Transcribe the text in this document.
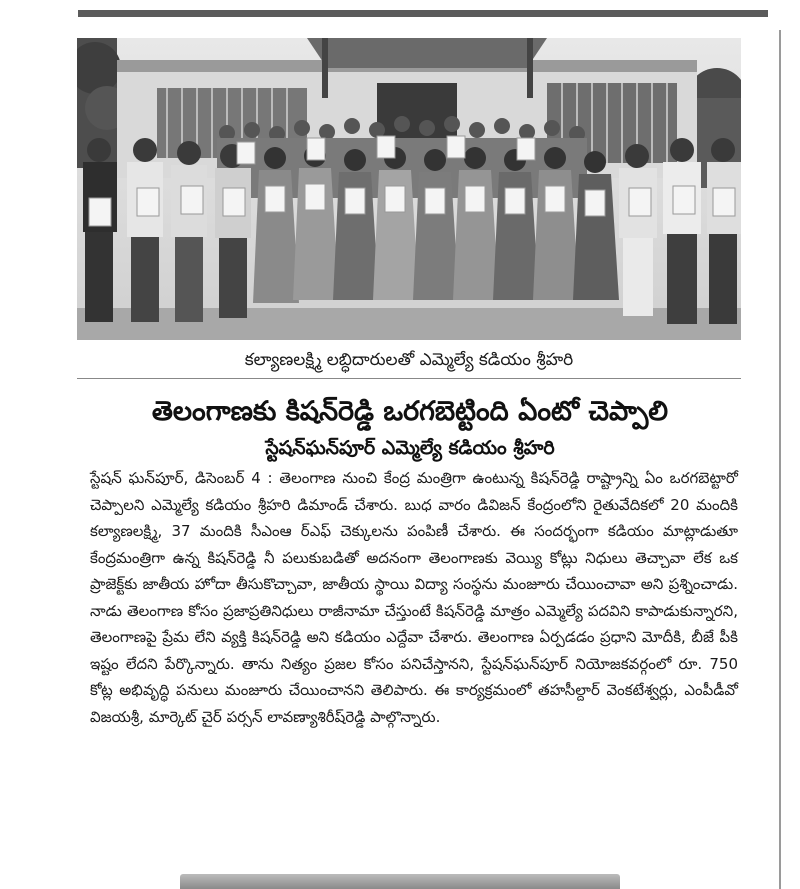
కల్యాణలక్ష్మి లబ్ధిదారులతో ఎమ్మెల్యే కడియం శ్రీహరి
తెలంగాణకు కిషన్‌రెడ్డి ఒరగబెట్టింది ఏంటో చెప్పాలి
స్టేషన్‌ఘన్‌పూర్ ఎమ్మెల్యే కడియం శ్రీహరి
స్టేషన్ ఘన్‌పూర్, డిసెంబర్ 4 : తెలంగాణ నుంచి కేంద్ర మంత్రిగా ఉంటున్న కిషన్‌రెడ్డి రాష్ట్రాన్ని ఏం ఒరగబెట్టారో చెప్పాలని ఎమ్మెల్యే కడియం శ్రీహరి డిమాండ్ చేశారు. బుధ వారం డివిజన్ కేంద్రంలోని రైతువేదికలో 20 మందికి కల్యాణలక్ష్మి, 37 మందికి సీఎంఆ ర్‌ఎఫ్ చెక్కులను పంపిణీ చేశారు. ఈ సందర్భంగా కడియం మాట్లాడుతూ కేంద్రమంత్రిగా ఉన్న కిషన్‌రెడ్డి నీ పలుకుబడితో అదనంగా తెలంగాణకు వెయ్యి కోట్లు నిధులు తెచ్చావా లేక ఒక ప్రాజెక్ట్‌కు జాతీయ హోదా తీసుకొచ్చావా, జాతీయ స్థాయి విద్యా సంస్థను మంజూరు చేయించావా అని ప్రశ్నించాడు. నాడు తెలంగాణ కోసం ప్రజాప్రతినిధులు రాజీనామా చేస్తుంటే కిషన్‌రెడ్డి మాత్రం ఎమ్మెల్యే పదవిని కాపాడుకున్నారని, తెలంగాణపై ప్రేమ లేని వ్యక్తి కిషన్‌రెడ్డి అని కడియం ఎద్దేవా చేశారు. తెలంగాణ ఏర్పడడం ప్రధాని మోదీకి, బీజే పీకి ఇష్టం లేదని పేర్కొన్నారు. తాను నిత్యం ప్రజల కోసం పనిచేస్తానని, స్టేషన్‌ఘన్‌పూర్ నియోజకవర్గంలో రూ. 750 కోట్ల అభివృద్ధి పనులు మంజూరు చేయించానని తెలిపారు. ఈ కార్యక్రమంలో తహసీల్దార్ వెంకటేశ్వర్లు, ఎంపీడీవో విజయశ్రీ, మార్కెట్ చైర్ పర్సన్ లావణ్యాశిరీష్‌రెడ్డి పాల్గొన్నారు.
